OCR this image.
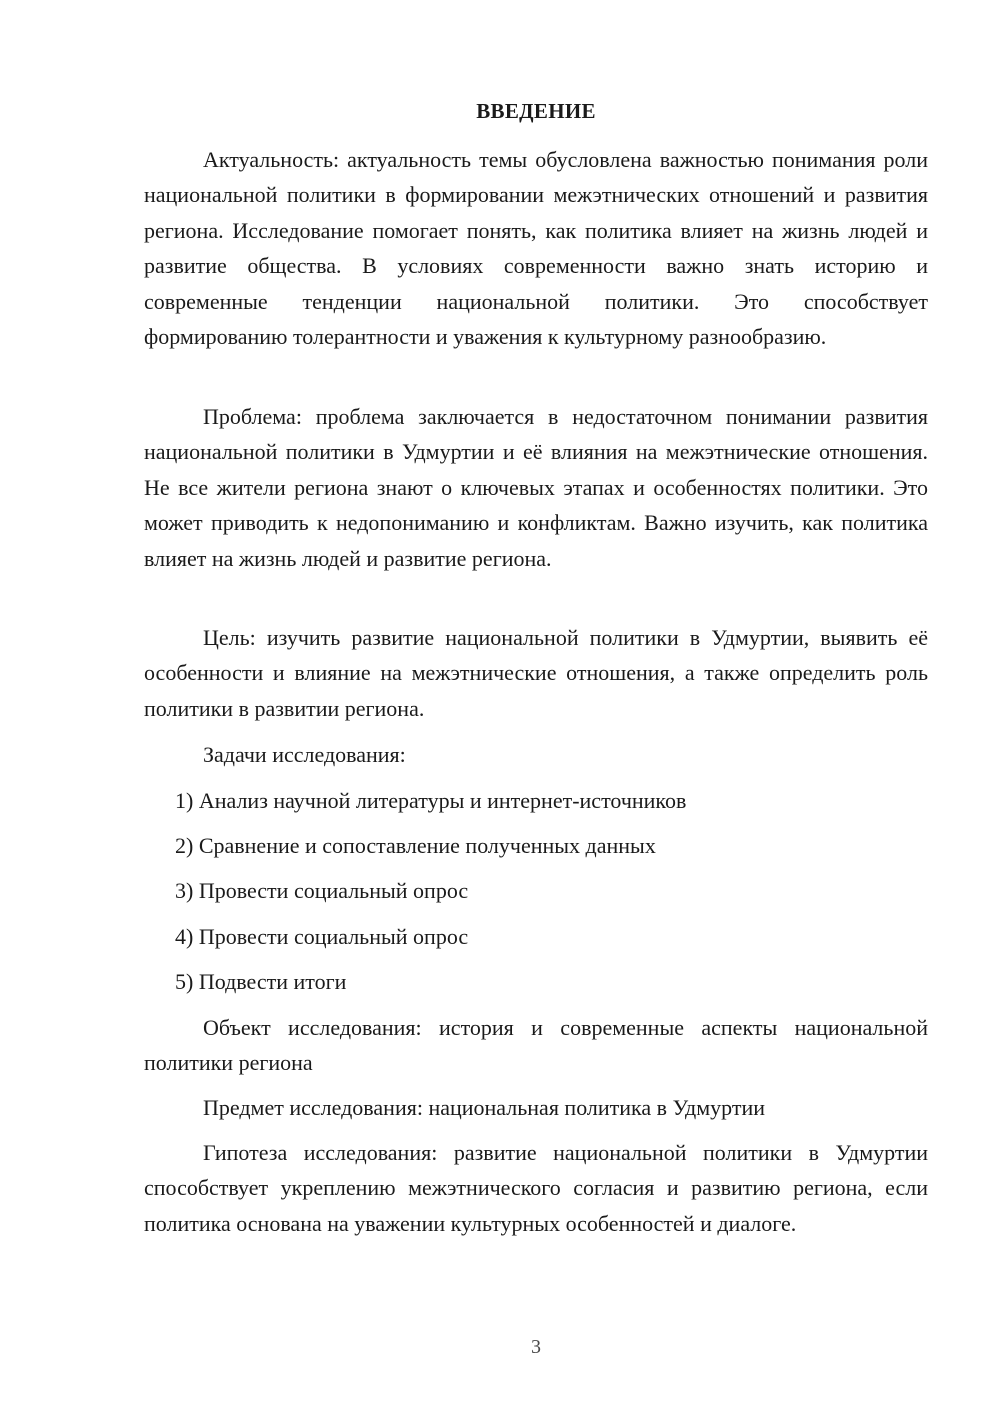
ВВЕДЕНИЕ

Актуальность: актуальность темы обусловлена важностью понимания роли национальной политики в формировании межэтнических отношений и развития региона. Исследование помогает понять, как политика влияет на жизнь людей и развитие общества. В условиях современности важно знать историю и современные тенденции национальной политики. Это способствует формированию толерантности и уважения к культурному разнообразию.

Проблема: проблема заключается в недостаточном понимании развития национальной политики в Удмуртии и её влияния на межэтнические отношения. Не все жители региона знают о ключевых этапах и особенностях политики. Это может приводить к недопониманию и конфликтам. Важно изучить, как политика влияет на жизнь людей и развитие региона.

Цель: изучить развитие национальной политики в Удмуртии, выявить её особенности и влияние на межэтнические отношения, а также определить роль политики в развитии региона.

Задачи исследования:

1) Анализ научной литературы и интернет-источников

2) Сравнение и сопоставление полученных данных

3) Провести социальный опрос

4) Провести социальный опрос

5) Подвести итоги

Объект исследования: история и современные аспекты национальной политики региона

Предмет исследования: национальная политика в Удмуртии

Гипотеза исследования: развитие национальной политики в Удмуртии способствует укреплению межэтнического согласия и развитию региона, если политика основана на уважении культурных особенностей и диалоге.

3
